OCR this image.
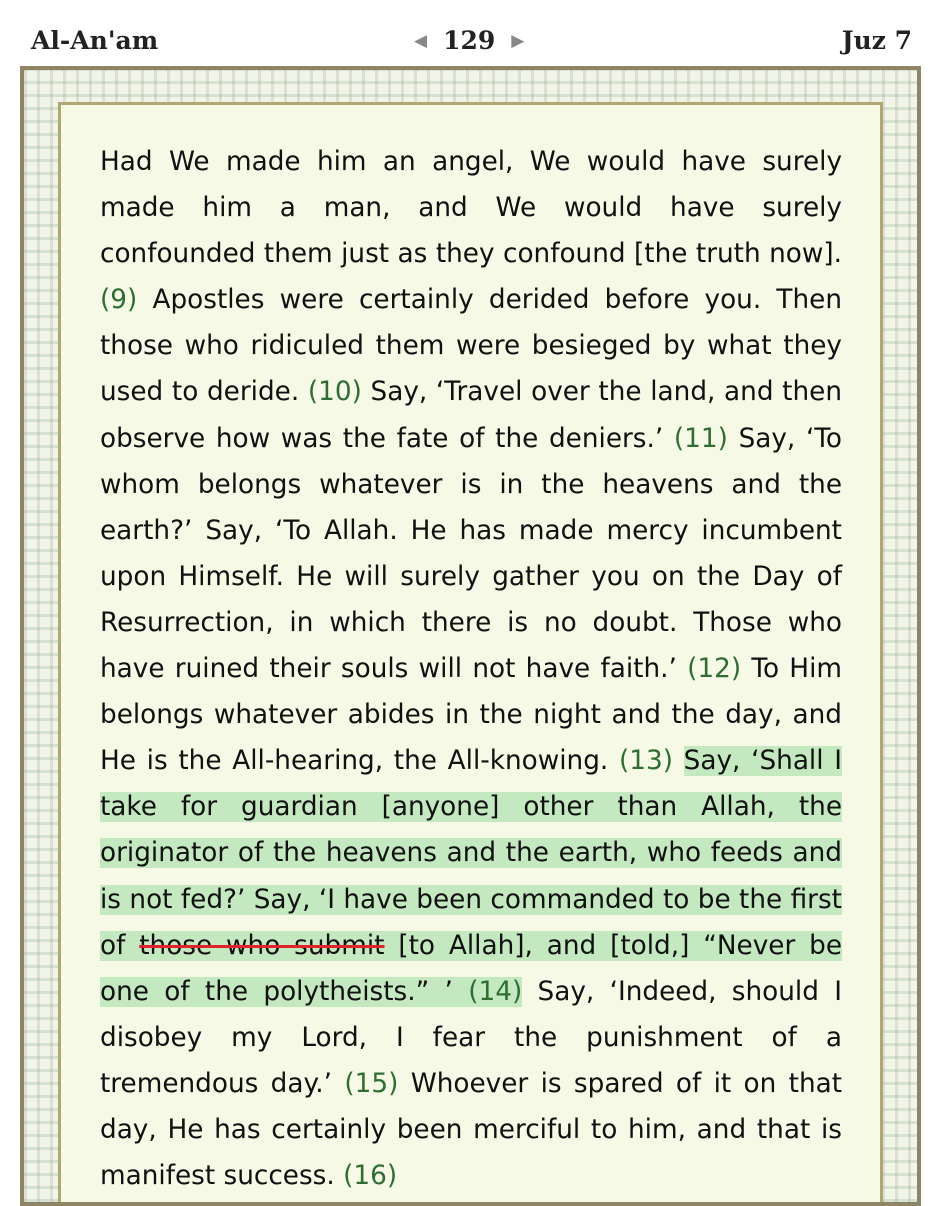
Al-An'am	◀ 129 ▶	Juz 7

Had We made him an angel, We would have surely made him a man, and We would have surely confounded them just as they confound [the truth now]. (9) Apostles were certainly derided before you. Then those who ridiculed them were besieged by what they used to deride. (10) Say, ‘Travel over the land, and then observe how was the fate of the deniers.’ (11) Say, ‘To whom belongs whatever is in the heavens and the earth?’ Say, ‘To Allah. He has made mercy incumbent upon Himself. He will surely gather you on the Day of Resurrection, in which there is no doubt. Those who have ruined their souls will not have faith.’ (12) To Him belongs whatever abides in the night and the day, and He is the All-hearing, the All-knowing. (13) Say, ‘Shall I take for guardian [anyone] other than Allah, the originator of the heavens and the earth, who feeds and is not fed?’ Say, ‘I have been commanded to be the first of those who submit [to Allah], and [told,] “Never be one of the polytheists.” ’ (14) Say, ‘Indeed, should I disobey my Lord, I fear the punishment of a tremendous day.’ (15) Whoever is spared of it on that day, He has certainly been merciful to him, and that is manifest success. (16)
